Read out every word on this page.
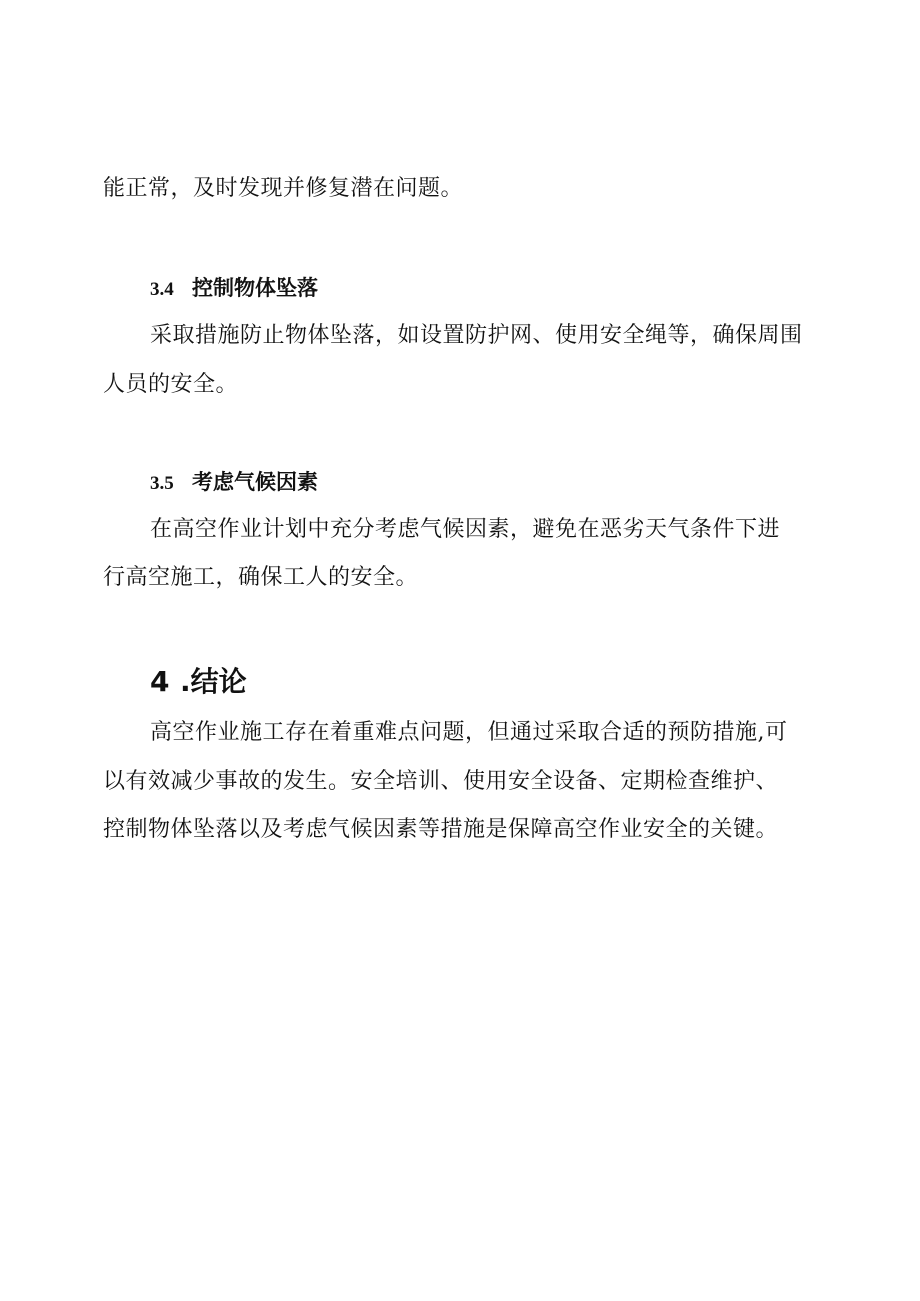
能正常，及时发现并修复潜在问题。

3.4 控制物体坠落

采取措施防止物体坠落，如设置防护网、使用安全绳等，确保周围

人员的安全。

3.5 考虑气候因素

在高空作业计划中充分考虑气候因素，避免在恶劣天气条件下进

行高空施工，确保工人的安全。

4 .结论

高空作业施工存在着重难点问题，但通过采取合适的预防措施,可

以有效减少事故的发生。安全培训、使用安全设备、定期检查维护、

控制物体坠落以及考虑气候因素等措施是保障高空作业安全的关键。
